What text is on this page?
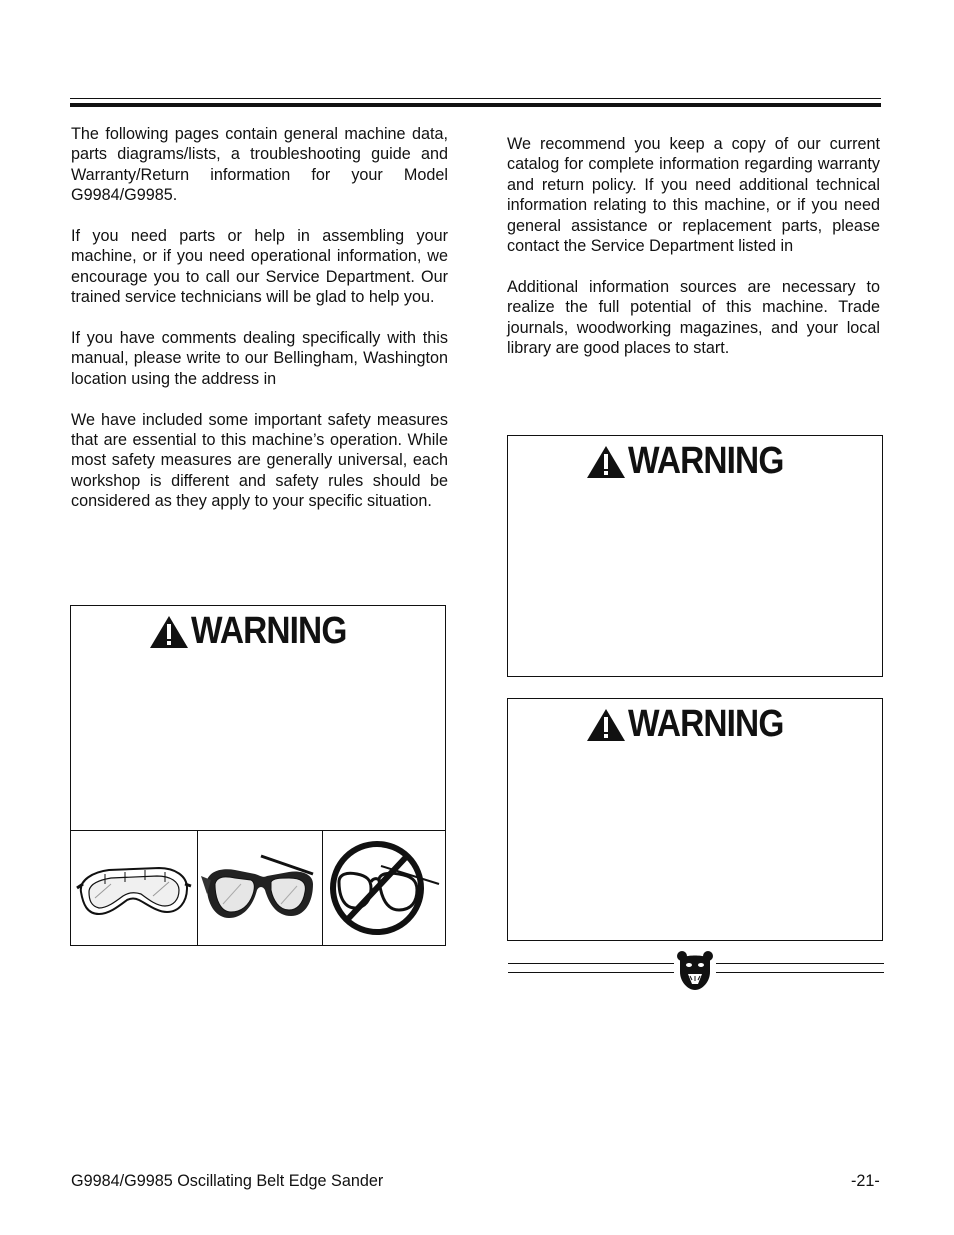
The following pages contain general machine data, parts diagrams/lists, a troubleshooting guide and Warranty/Return information for your Model G9984/G9985.

If you need parts or help in assembling your machine, or if you need operational information, we encourage you to call our Service Department. Our trained service technicians will be glad to help you.

If you have comments dealing specifically with this manual, please write to our Bellingham, Washington location using the address in

We have included some important safety measures that are essential to this machine’s operation. While most safety measures are generally universal, each workshop is different and safety rules should be considered as they apply to your specific situation.

We recommend you keep a copy of our current catalog for complete information regarding warranty and return policy. If you need additional technical information relating to this machine, or if you need general assistance or replacement parts, please contact the Service Department listed in

Additional information sources are necessary to realize the full potential of this machine. Trade journals, woodworking magazines, and your local library are good places to start.

WARNING
WARNING
WARNING
G9984/G9985 Oscillating Belt Edge Sander	-21-
